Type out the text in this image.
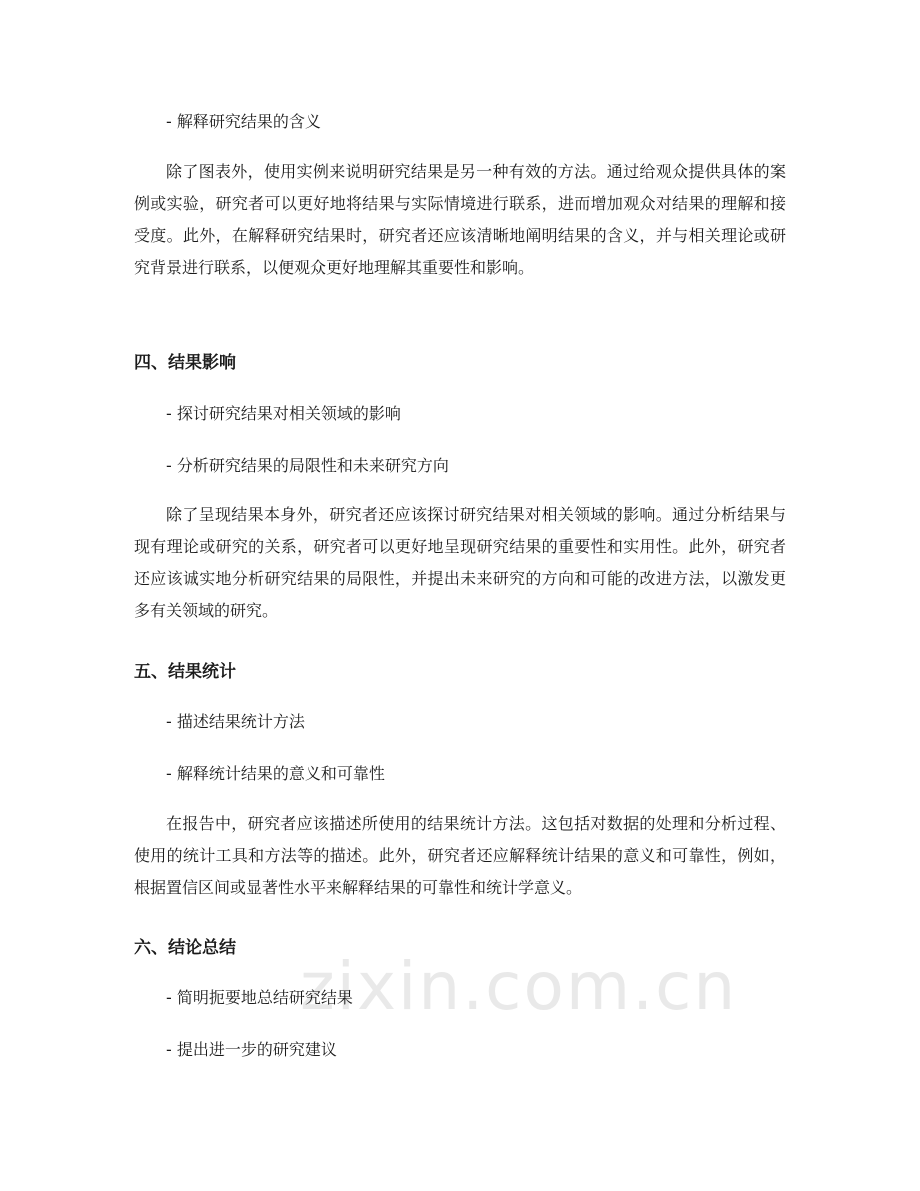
zixin.com.cn

- 解释研究结果的含义

除了图表外，使用实例来说明研究结果是另一种有效的方法。通过给观众提供具体的案例或实验，研究者可以更好地将结果与实际情境进行联系，进而增加观众对结果的理解和接受度。此外，在解释研究结果时，研究者还应该清晰地阐明结果的含义，并与相关理论或研究背景进行联系，以便观众更好地理解其重要性和影响。

四、结果影响

- 探讨研究结果对相关领域的影响

- 分析研究结果的局限性和未来研究方向

除了呈现结果本身外，研究者还应该探讨研究结果对相关领域的影响。通过分析结果与现有理论或研究的关系，研究者可以更好地呈现研究结果的重要性和实用性。此外，研究者还应该诚实地分析研究结果的局限性，并提出未来研究的方向和可能的改进方法，以激发更多有关领域的研究。

五、结果统计

- 描述结果统计方法

- 解释统计结果的意义和可靠性

在报告中，研究者应该描述所使用的结果统计方法。这包括对数据的处理和分析过程、使用的统计工具和方法等的描述。此外，研究者还应解释统计结果的意义和可靠性，例如，根据置信区间或显著性水平来解释结果的可靠性和统计学意义。

六、结论总结

- 简明扼要地总结研究结果

- 提出进一步的研究建议
